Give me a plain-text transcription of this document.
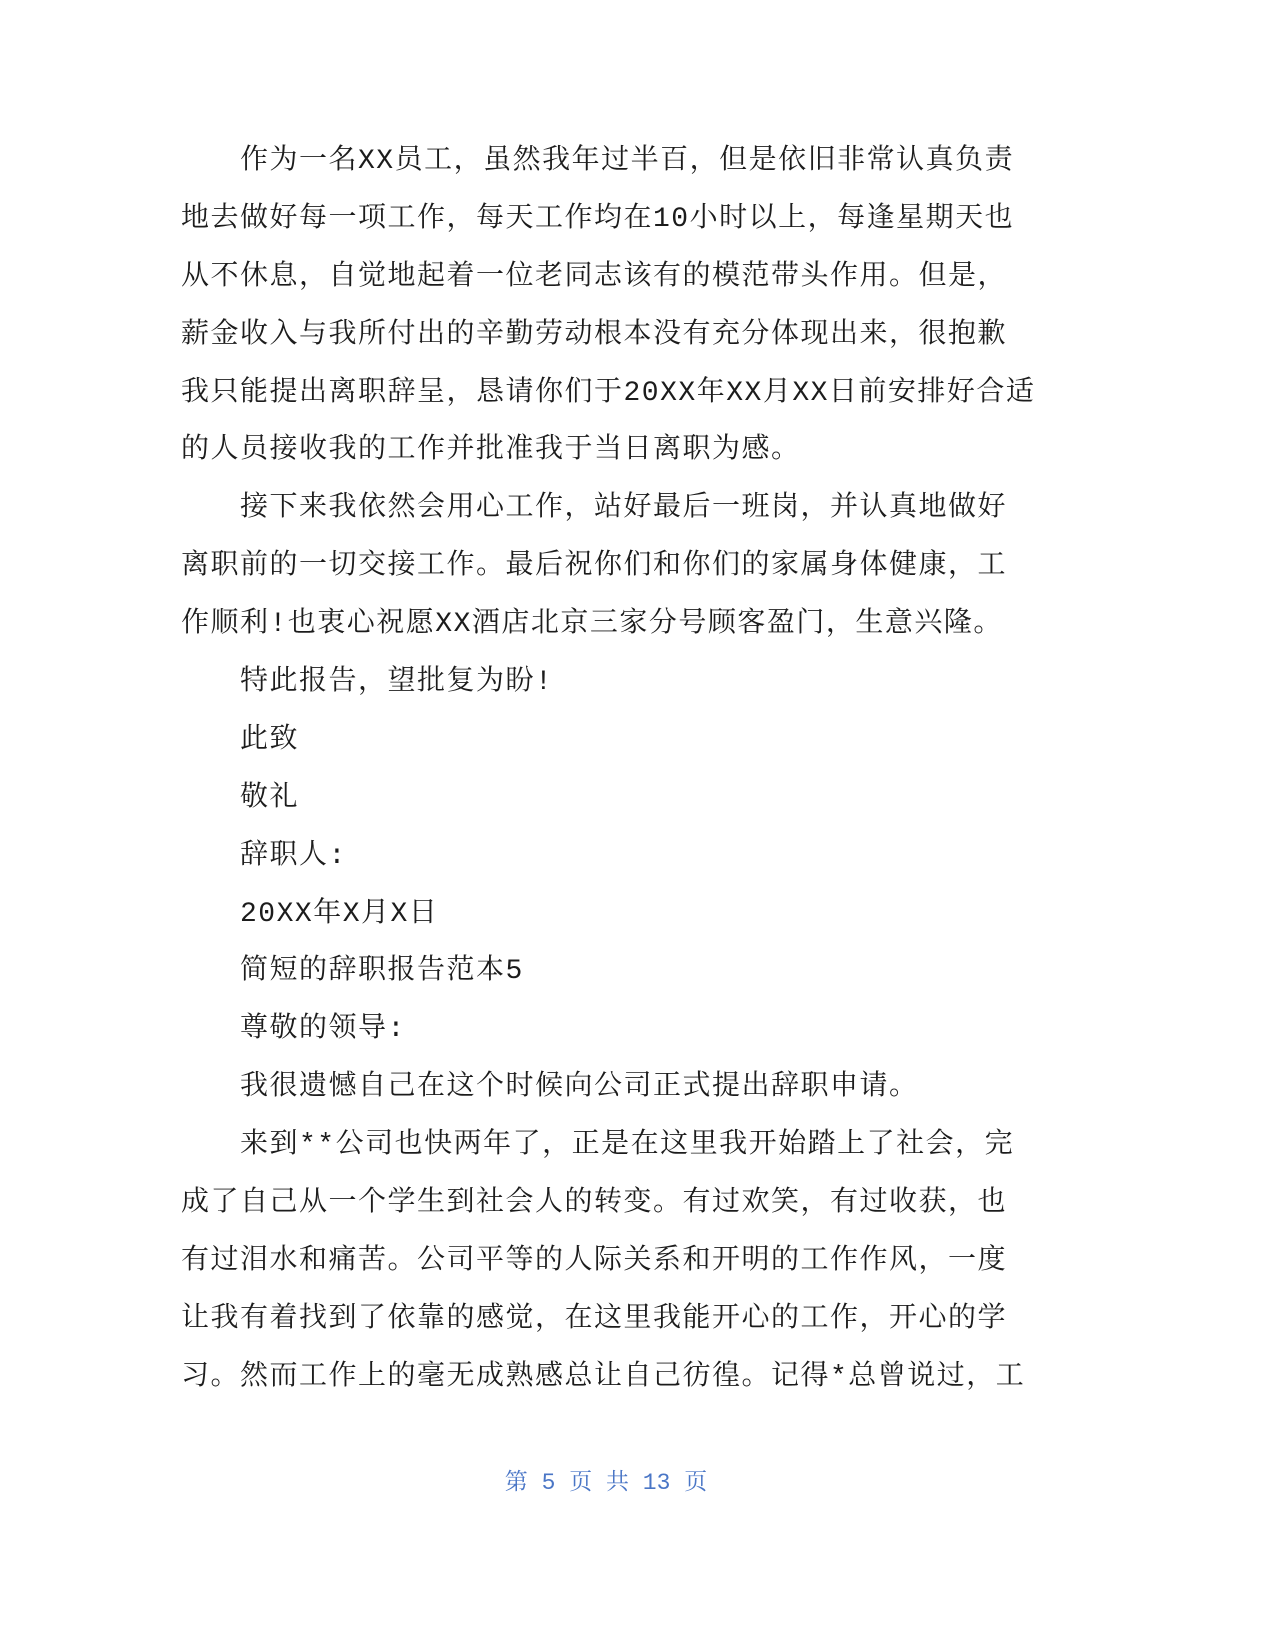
作为一名XX员工，虽然我年过半百，但是依旧非常认真负责
地去做好每一项工作，每天工作均在10小时以上，每逢星期天也
从不休息，自觉地起着一位老同志该有的模范带头作用。但是，
薪金收入与我所付出的辛勤劳动根本没有充分体现出来，很抱歉
我只能提出离职辞呈，恳请你们于20XX年XX月XX日前安排好合适
的人员接收我的工作并批准我于当日离职为感。
接下来我依然会用心工作，站好最后一班岗，并认真地做好
离职前的一切交接工作。最后祝你们和你们的家属身体健康，工
作顺利!也衷心祝愿XX酒店北京三家分号顾客盈门，生意兴隆。
特此报告，望批复为盼!
此致
敬礼
辞职人:
20XX年X月X日
简短的辞职报告范本5
尊敬的领导:
我很遗憾自己在这个时候向公司正式提出辞职申请。
来到**公司也快两年了，正是在这里我开始踏上了社会，完
成了自己从一个学生到社会人的转变。有过欢笑，有过收获，也
有过泪水和痛苦。公司平等的人际关系和开明的工作作风，一度
让我有着找到了依靠的感觉，在这里我能开心的工作，开心的学
习。然而工作上的毫无成熟感总让自己彷徨。记得*总曾说过，工
第 5 页 共 13 页
